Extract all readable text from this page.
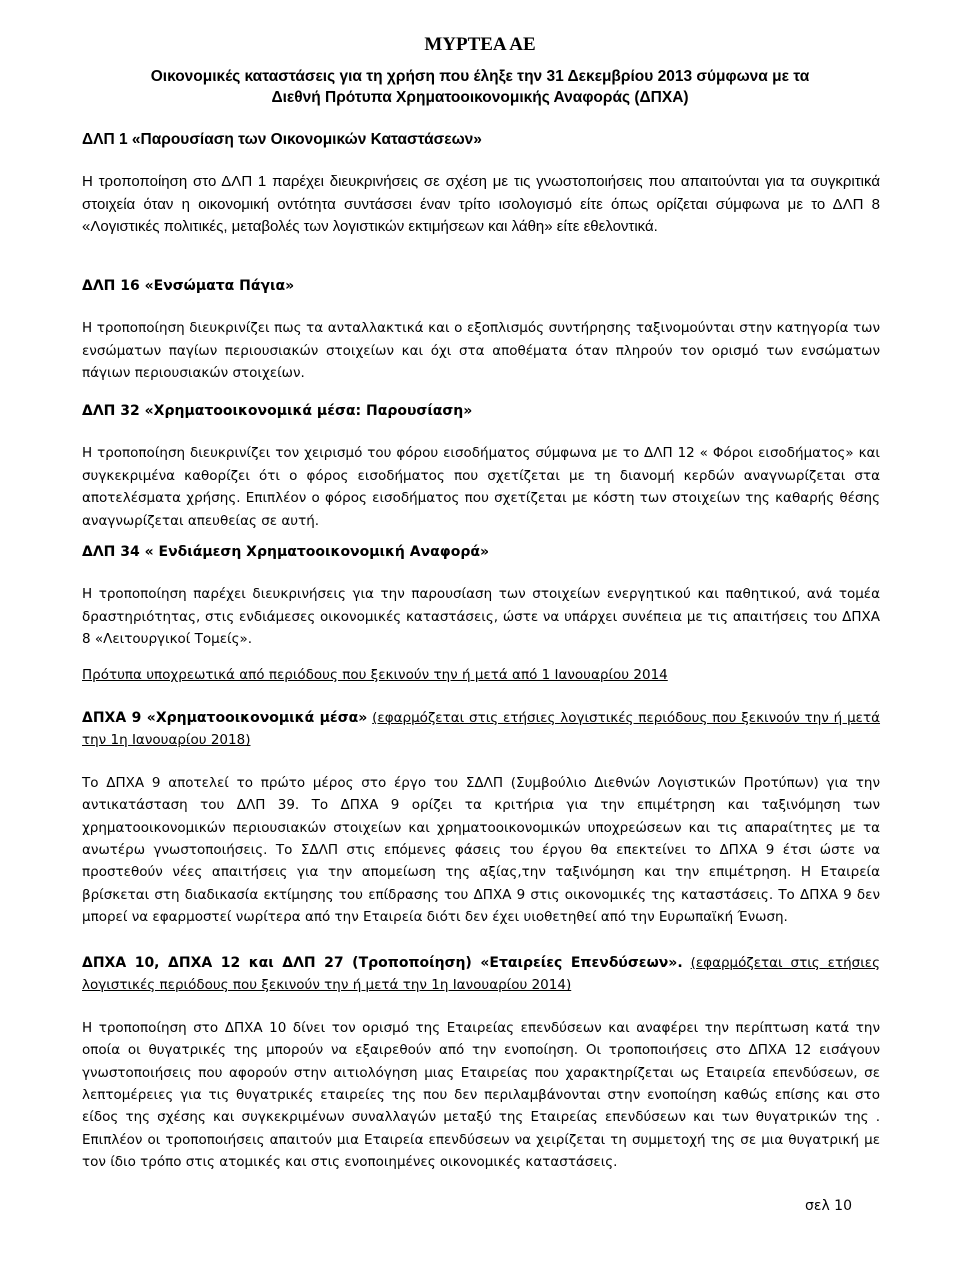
ΜΥΡΤΕΑ ΑΕ
Οικονομικές καταστάσεις για τη χρήση που έληξε την 31 Δεκεμβρίου 2013 σύμφωνα με τα
Διεθνή Πρότυπα Χρηματοοικονομικής Αναφοράς (ΔΠΧΑ)
ΔΛΠ 1 «Παρουσίαση των Οικονομικών Καταστάσεων»
Η τροποποίηση στο ΔΛΠ 1 παρέχει διευκρινήσεις σε σχέση με τις γνωστοποιήσεις που απαιτούνται για τα συγκριτικά στοιχεία όταν η οικονομική οντότητα συντάσσει έναν τρίτο ισολογισμό είτε όπως ορίζεται σύμφωνα με το ΔΛΠ 8 «Λογιστικές πολιτικές, μεταβολές των λογιστικών εκτιμήσεων και λάθη» είτε εθελοντικά.
ΔΛΠ 16 «Ενσώματα Πάγια»
Η τροποποίηση διευκρινίζει πως τα ανταλλακτικά και ο εξοπλισμός συντήρησης ταξινομούνται στην κατηγορία των ενσώματων παγίων περιουσιακών στοιχείων και όχι στα αποθέματα όταν πληρούν τον ορισμό των ενσώματων πάγιων περιουσιακών στοιχείων.
ΔΛΠ 32 «Χρηματοοικονομικά μέσα: Παρουσίαση»
Η τροποποίηση διευκρινίζει τον χειρισμό του φόρου εισοδήματος σύμφωνα με το ΔΛΠ 12 « Φόροι εισοδήματος» και συγκεκριμένα καθορίζει ότι ο φόρος εισοδήματος που σχετίζεται με τη διανομή κερδών αναγνωρίζεται στα αποτελέσματα χρήσης. Επιπλέον ο φόρος εισοδήματος που σχετίζεται με κόστη των στοιχείων της καθαρής θέσης αναγνωρίζεται απευθείας σε αυτή.
ΔΛΠ 34 « Ενδιάμεση Χρηματοοικονομική Αναφορά»
Η τροποποίηση παρέχει διευκρινήσεις για την παρουσίαση των στοιχείων ενεργητικού και παθητικού, ανά τομέα δραστηριότητας, στις ενδιάμεσες οικονομικές καταστάσεις, ώστε να υπάρχει συνέπεια με τις απαιτήσεις του ΔΠΧΑ 8 «Λειτουργικοί Τομείς».
Πρότυπα υποχρεωτικά από περιόδους που ξεκινούν την ή μετά από 1 Ιανουαρίου 2014
ΔΠΧΑ 9 «Χρηματοοικονομικά μέσα» (εφαρμόζεται στις ετήσιες λογιστικές περιόδους που ξεκινούν την ή μετά την 1η Ιανουαρίου 2018)
Το ΔΠΧΑ 9 αποτελεί το πρώτο μέρος στο έργο του ΣΔΛΠ (Συμβούλιο Διεθνών Λογιστικών Προτύπων) για την αντικατάσταση του ΔΛΠ 39. Το ΔΠΧΑ 9 ορίζει τα κριτήρια για την επιμέτρηση και ταξινόμηση των χρηματοοικονομικών περιουσιακών στοιχείων και χρηματοοικονομικών υποχρεώσεων και τις απαραίτητες με τα ανωτέρω γνωστοποιήσεις. Το ΣΔΛΠ στις επόμενες φάσεις του έργου θα επεκτείνει το ΔΠΧΑ 9 έτσι ώστε να προστεθούν νέες απαιτήσεις για την απομείωση της αξίας,την ταξινόμηση και την επιμέτρηση. Η Εταιρεία βρίσκεται στη διαδικασία εκτίμησης του επίδρασης του ΔΠΧΑ 9 στις οικονομικές της καταστάσεις. Το ΔΠΧΑ 9 δεν μπορεί να εφαρμοστεί νωρίτερα από την Εταιρεία διότι δεν έχει υιοθετηθεί από την Ευρωπαϊκή Ένωση.
ΔΠΧΑ 10, ΔΠΧΑ 12 και ΔΛΠ 27 (Τροποποίηση) «Εταιρείες Επενδύσεων». (εφαρμόζεται στις ετήσιες λογιστικές περιόδους που ξεκινούν την ή μετά την 1η Ιανουαρίου 2014)
Η τροποποίηση στο ΔΠΧΑ 10 δίνει τον ορισμό της Εταιρείας επενδύσεων και αναφέρει την περίπτωση κατά την οποία οι θυγατρικές της μπορούν να εξαιρεθούν από την ενοποίηση. Οι τροποποιήσεις στο ΔΠΧΑ 12 εισάγουν γνωστοποιήσεις που αφορούν στην αιτιολόγηση μιας Εταιρείας που χαρακτηρίζεται ως Εταιρεία επενδύσεων, σε λεπτομέρειες για τις θυγατρικές εταιρείες της που δεν περιλαμβάνονται στην ενοποίηση καθώς επίσης και στο είδος της σχέσης και συγκεκριμένων συναλλαγών μεταξύ της Εταιρείας επενδύσεων και των θυγατρικών της . Επιπλέον οι τροποποιήσεις απαιτούν μια Εταιρεία επενδύσεων να χειρίζεται τη συμμετοχή της σε μια θυγατρική με τον ίδιο τρόπο στις ατομικές και στις ενοποιημένες οικονομικές καταστάσεις.
σελ 10
